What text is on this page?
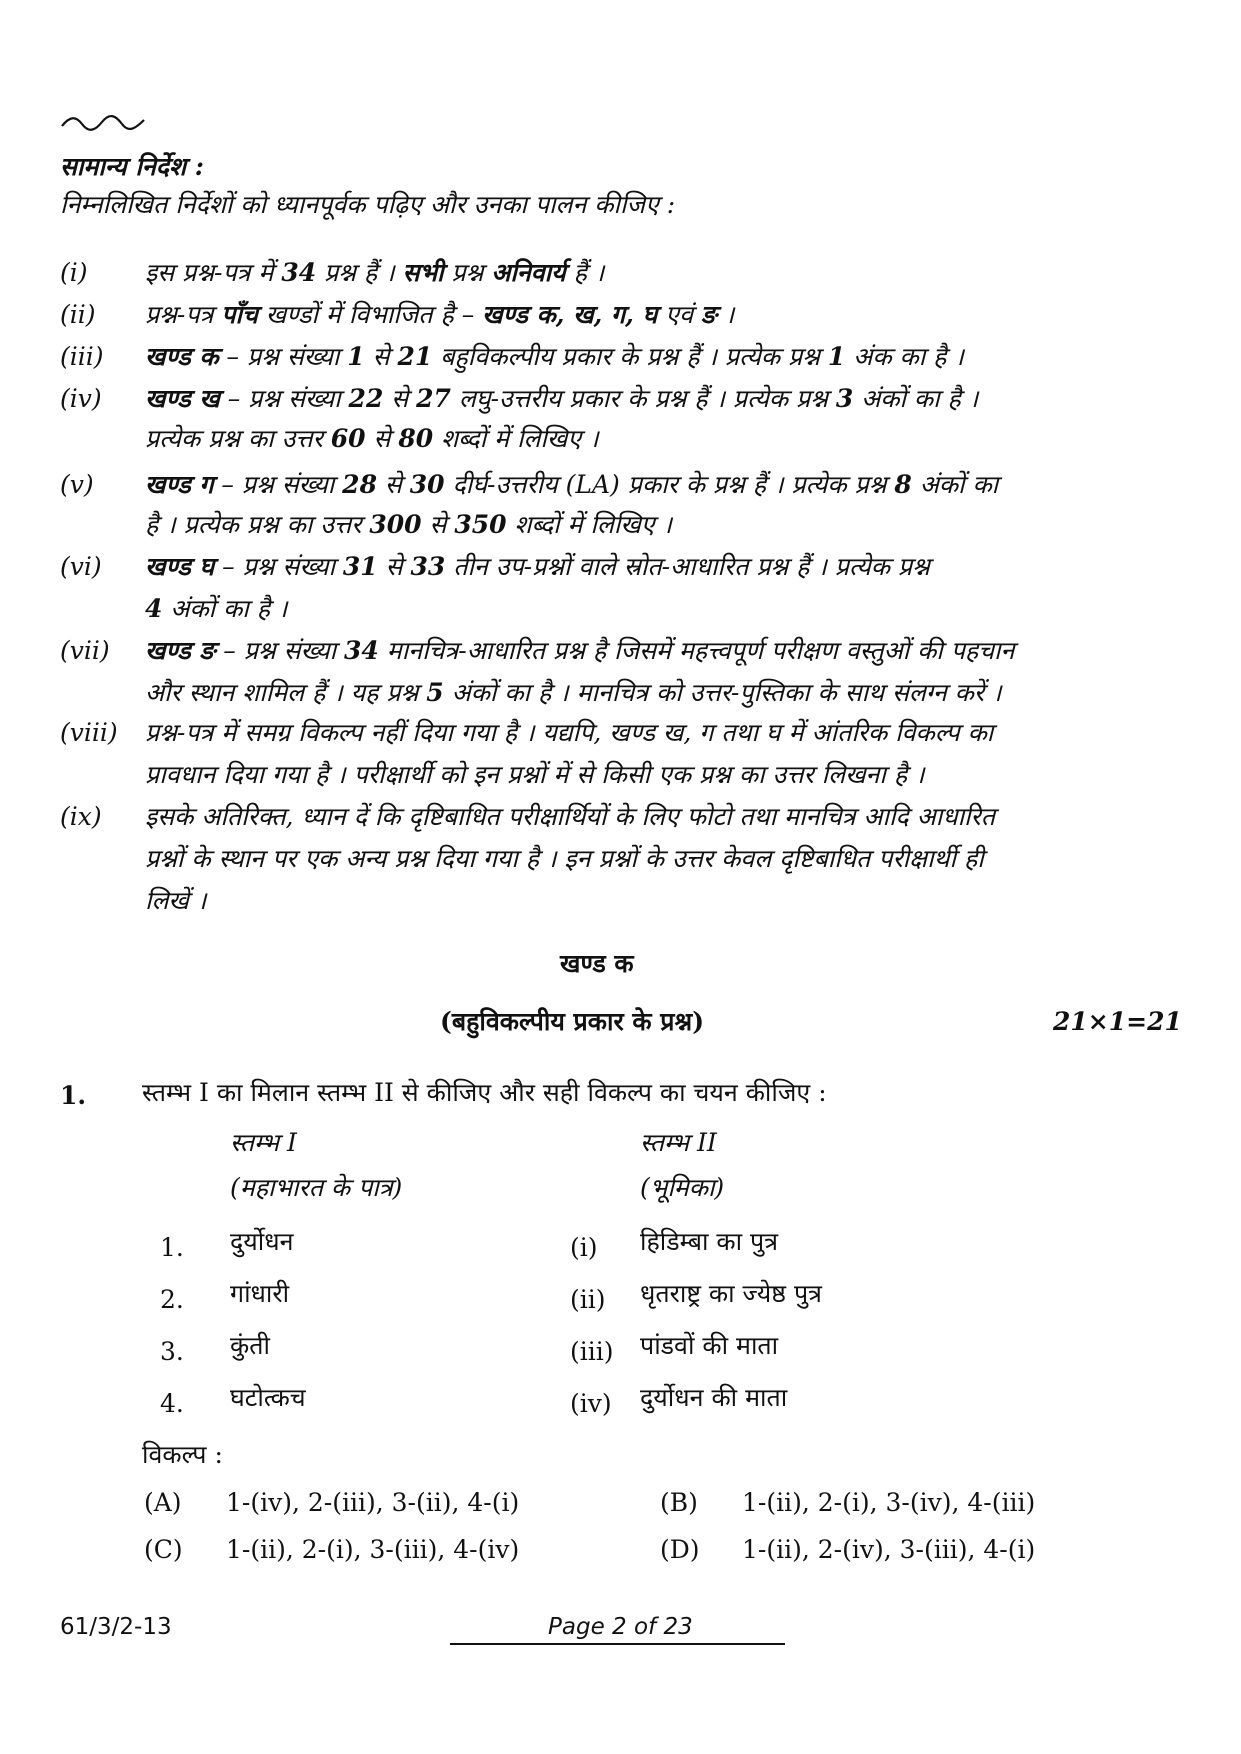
सामान्य निर्देश :
निम्नलिखित निर्देशों को ध्यानपूर्वक पढ़िए और उनका पालन कीजिए :
खण्ड क
(बहुविकल्पीय प्रकार के प्रश्न)	21×1=21
1. स्तम्भ I का मिलान स्तम्भ II से कीजिए और सही विकल्प का चयन कीजिए :
स्तम्भ I
(महाभारत के पात्र)
स्तम्भ II
(भूमिका)
विकल्प :
61/3/2-13	Page 2 of 23
(i) इस प्रश्न-पत्र में 34 प्रश्न हैं । सभी प्रश्न अनिवार्य हैं ।
(ii) प्रश्न-पत्र पाँच खण्डों में विभाजित है – खण्ड क, ख, ग, घ एवं ङ ।
(iii) खण्ड क – प्रश्न संख्या 1 से 21 बहुविकल्पीय प्रकार के प्रश्न हैं । प्रत्येक प्रश्न 1 अंक का है ।
(iv) खण्ड ख – प्रश्न संख्या 22 से 27 लघु-उत्तरीय प्रकार के प्रश्न हैं । प्रत्येक प्रश्न 3 अंकों का है ।
प्रत्येक प्रश्न का उत्तर 60 से 80 शब्दों में लिखिए ।
(v) खण्ड ग – प्रश्न संख्या 28 से 30 दीर्घ-उत्तरीय (LA) प्रकार के प्रश्न हैं । प्रत्येक प्रश्न 8 अंकों का
है । प्रत्येक प्रश्न का उत्तर 300 से 350 शब्दों में लिखिए ।
(vi) खण्ड घ – प्रश्न संख्या 31 से 33 तीन उप-प्रश्नों वाले स्रोत-आधारित प्रश्न हैं । प्रत्येक प्रश्न
4 अंकों का है ।
(vii) खण्ड ङ – प्रश्न संख्या 34 मानचित्र-आधारित प्रश्न है जिसमें महत्त्वपूर्ण परीक्षण वस्तुओं की पहचान
और स्थान शामिल हैं । यह प्रश्न 5 अंकों का है । मानचित्र को उत्तर-पुस्तिका के साथ संलग्न करें ।
(viii) प्रश्न-पत्र में समग्र विकल्प नहीं दिया गया है । यद्यपि, खण्ड ख, ग तथा घ में आंतरिक विकल्प का
प्रावधान दिया गया है । परीक्षार्थी को इन प्रश्नों में से किसी एक प्रश्न का उत्तर लिखना है ।
(ix) इसके अतिरिक्त, ध्यान दें कि दृष्टिबाधित परीक्षार्थियों के लिए फोटो तथा मानचित्र आदि आधारित
प्रश्नों के स्थान पर एक अन्य प्रश्न दिया गया है । इन प्रश्नों के उत्तर केवल दृष्टिबाधित परीक्षार्थी ही
लिखें ।
1. दुर्योधन	(i) हिडिम्बा का पुत्र
2. गांधारी	(ii) धृतराष्ट्र का ज्येष्ठ पुत्र
3. कुंती	(iii) पांडवों की माता
4. घटोत्कच	(iv) दुर्योधन की माता
(A) 1-(iv), 2-(iii), 3-(ii), 4-(i)	(B) 1-(ii), 2-(i), 3-(iv), 4-(iii)
(C) 1-(ii), 2-(i), 3-(iii), 4-(iv)	(D) 1-(ii), 2-(iv), 3-(iii), 4-(i)
